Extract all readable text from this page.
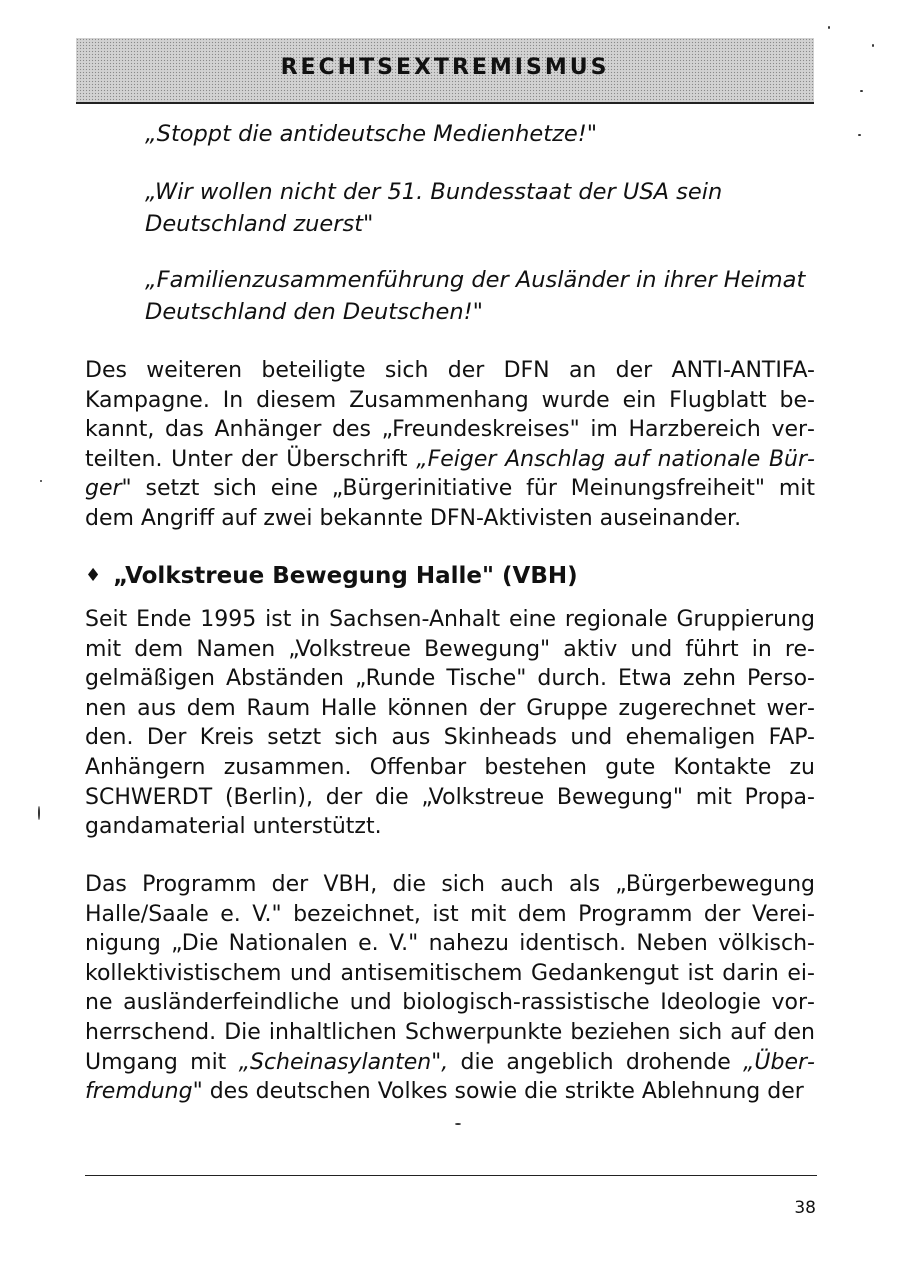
RECHTSEXTREMISMUS
„Stoppt die antideutsche Medienhetze!"
„Wir wollen nicht der 51. Bundesstaat der USA sein
Deutschland zuerst"
„Familienzusammenführung der Ausländer in ihrer Heimat
Deutschland den Deutschen!"

Des weiteren beteiligte sich der DFN an der ANTI-ANTIFA-Kampagne. In diesem Zusammenhang wurde ein Flugblatt bekannt, das Anhänger des „Freundeskreises" im Harzbereich verteilten. Unter der Überschrift „Feiger Anschlag auf nationale Bürger" setzt sich eine „Bürgerinitiative für Meinungsfreiheit" mit dem Angriff auf zwei bekannte DFN-Aktivisten auseinander.

♦ „Volkstreue Bewegung Halle" (VBH)

Seit Ende 1995 ist in Sachsen-Anhalt eine regionale Gruppierung mit dem Namen „Volkstreue Bewegung" aktiv und führt in regelmäßigen Abständen „Runde Tische" durch. Etwa zehn Personen aus dem Raum Halle können der Gruppe zugerechnet werden. Der Kreis setzt sich aus Skinheads und ehemaligen FAP-Anhängern zusammen. Offenbar bestehen gute Kontakte zu SCHWERDT (Berlin), der die „Volkstreue Bewegung" mit Propagandamaterial unterstützt.

Das Programm der VBH, die sich auch als „Bürgerbewegung Halle/Saale e. V." bezeichnet, ist mit dem Programm der Vereinigung „Die Nationalen e. V." nahezu identisch. Neben völkisch-kollektivistischem und antisemitischem Gedankengut ist darin eine ausländerfeindliche und biologisch-rassistische Ideologie vorherrschend. Die inhaltlichen Schwerpunkte beziehen sich auf den Umgang mit „Scheinasylanten", die angeblich drohende „Überfremdung" des deutschen Volkes sowie die strikte Ablehnung der

38
